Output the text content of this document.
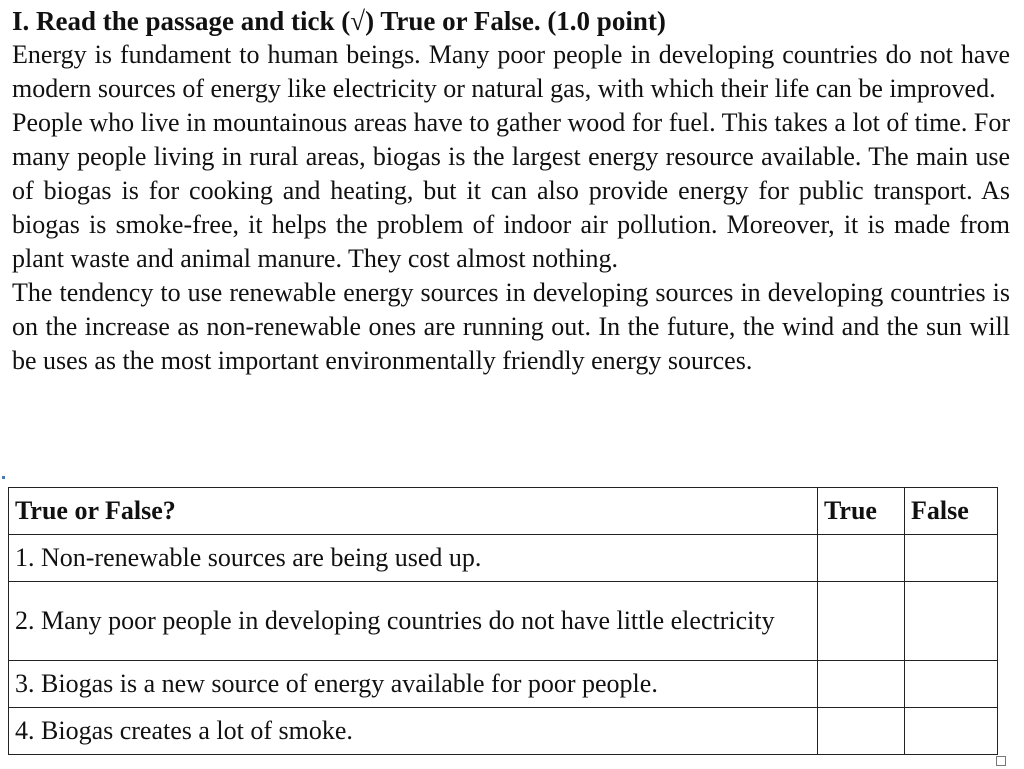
I. Read the passage and tick (√) True or False. (1.0 point)

Energy is fundament to human beings. Many poor people in developing countries do not have modern sources of energy like electricity or natural gas, with which their life can be improved.

People who live in mountainous areas have to gather wood for fuel. This takes a lot of time. For many people living in rural areas, biogas is the largest energy resource available. The main use of biogas is for cooking and heating, but it can also provide energy for public transport. As biogas is smoke-free, it helps the problem of indoor air pollution. Moreover, it is made from plant waste and animal manure. They cost almost nothing.

The tendency to use renewable energy sources in developing sources in developing countries is on the increase as non-renewable ones are running out. In the future, the wind and the sun will be uses as the most important environmentally friendly energy sources.

True or False?	True	False
1. Non-renewable sources are being used up.		
2. Many poor people in developing countries do not have little electricity		
3. Biogas is a new source of energy available for poor people.		
4. Biogas creates a lot of smoke.		
